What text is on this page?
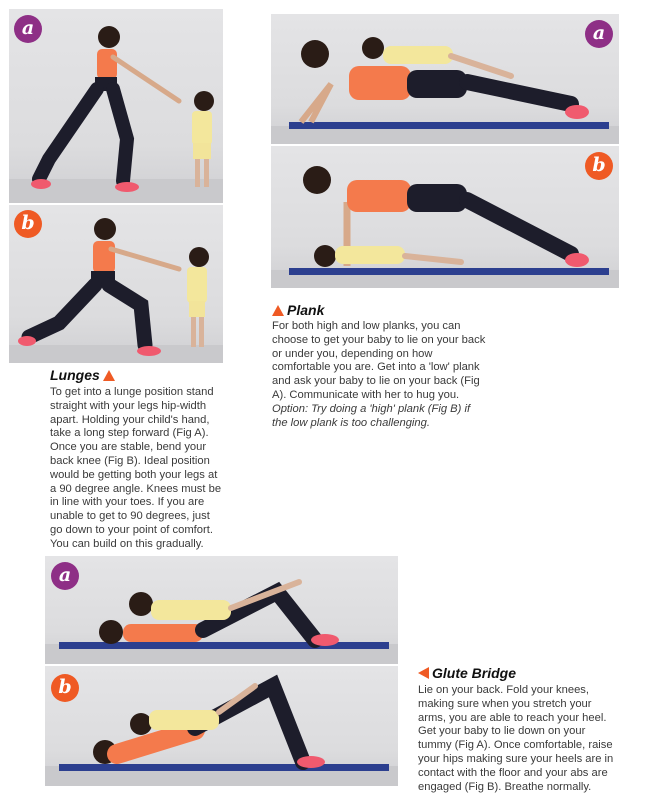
a
b
Lunges

To get into a lunge position stand straight with your legs hip-width apart. Holding your child's hand, take a long step forward (Fig A). Once you are stable, bend your back knee (Fig B). Ideal position would be getting both your legs at a 90 degree angle. Knees must be in line with your toes. If you are unable to get to 90 degrees, just go down to your point of comfort. You can build on this gradually.

a
b
Plank

For both high and low planks, you can choose to get your baby to lie on your back or under you, depending on how comfortable you are. Get into a 'low' plank and ask your baby to lie on your back (Fig A). Communicate with her to hug you.

Option: Try doing a 'high' plank (Fig B) if the low plank is too challenging.

a
b
Glute Bridge

Lie on your back. Fold your knees, making sure when you stretch your arms, you are able to reach your heel. Get your baby to lie down on your tummy (Fig A). Once comfortable, raise your hips making sure your heels are in contact with the floor and your abs are engaged (Fig B). Breathe normally.
